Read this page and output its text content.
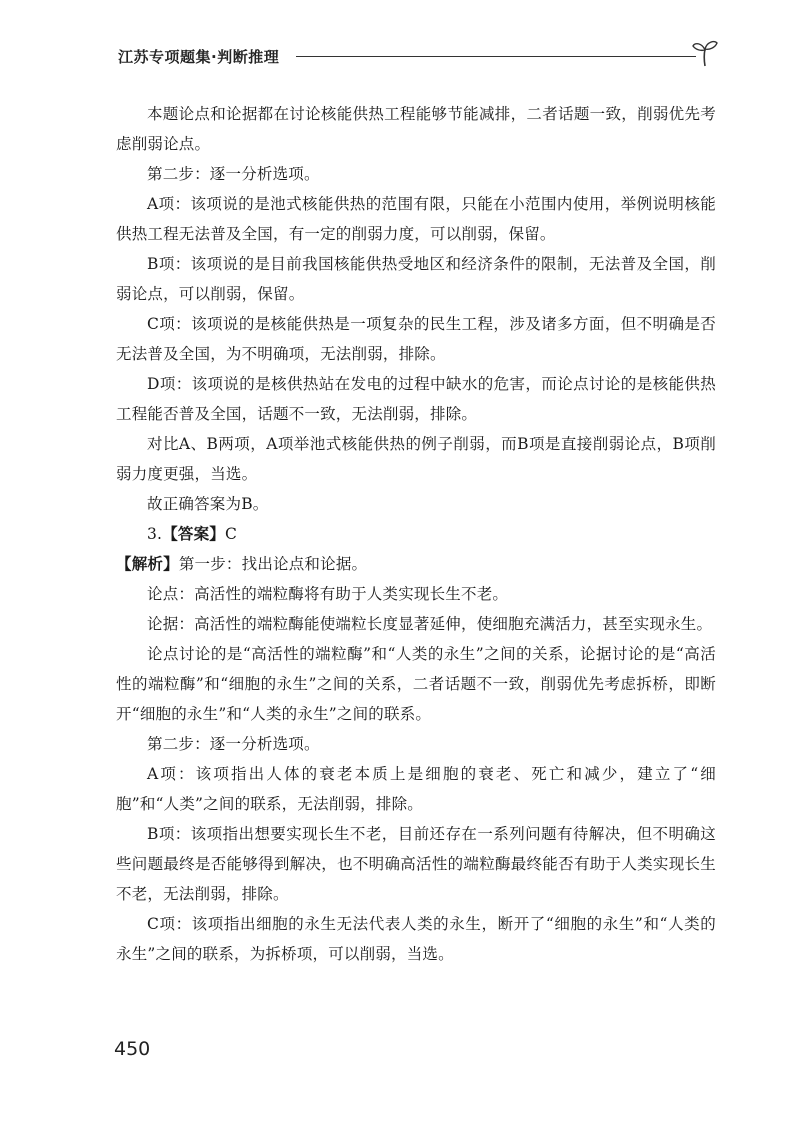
江苏专项题集·判断推理

本题论点和论据都在讨论核能供热工程能够节能减排，二者话题一致，削弱优先考虑削弱论点。

第二步：逐一分析选项。

A项：该项说的是池式核能供热的范围有限，只能在小范围内使用，举例说明核能供热工程无法普及全国，有一定的削弱力度，可以削弱，保留。

B项：该项说的是目前我国核能供热受地区和经济条件的限制，无法普及全国，削弱论点，可以削弱，保留。

C项：该项说的是核能供热是一项复杂的民生工程，涉及诸多方面，但不明确是否无法普及全国，为不明确项，无法削弱，排除。

D项：该项说的是核供热站在发电的过程中缺水的危害，而论点讨论的是核能供热工程能否普及全国，话题不一致，无法削弱，排除。

对比A、B两项，A项举池式核能供热的例子削弱，而B项是直接削弱论点，B项削弱力度更强，当选。

故正确答案为B。

3.【答案】C

【解析】第一步：找出论点和论据。

论点：高活性的端粒酶将有助于人类实现长生不老。

论据：高活性的端粒酶能使端粒长度显著延伸，使细胞充满活力，甚至实现永生。

论点讨论的是“高活性的端粒酶”和“人类的永生”之间的关系，论据讨论的是“高活性的端粒酶”和“细胞的永生”之间的关系，二者话题不一致，削弱优先考虑拆桥，即断开“细胞的永生”和“人类的永生”之间的联系。

第二步：逐一分析选项。

A项：该项指出人体的衰老本质上是细胞的衰老、死亡和减少，建立了“细胞”和“人类”之间的联系，无法削弱，排除。

B项：该项指出想要实现长生不老，目前还存在一系列问题有待解决，但不明确这些问题最终是否能够得到解决，也不明确高活性的端粒酶最终能否有助于人类实现长生不老，无法削弱，排除。

C项：该项指出细胞的永生无法代表人类的永生，断开了“细胞的永生”和“人类的永生”之间的联系，为拆桥项，可以削弱，当选。

450
